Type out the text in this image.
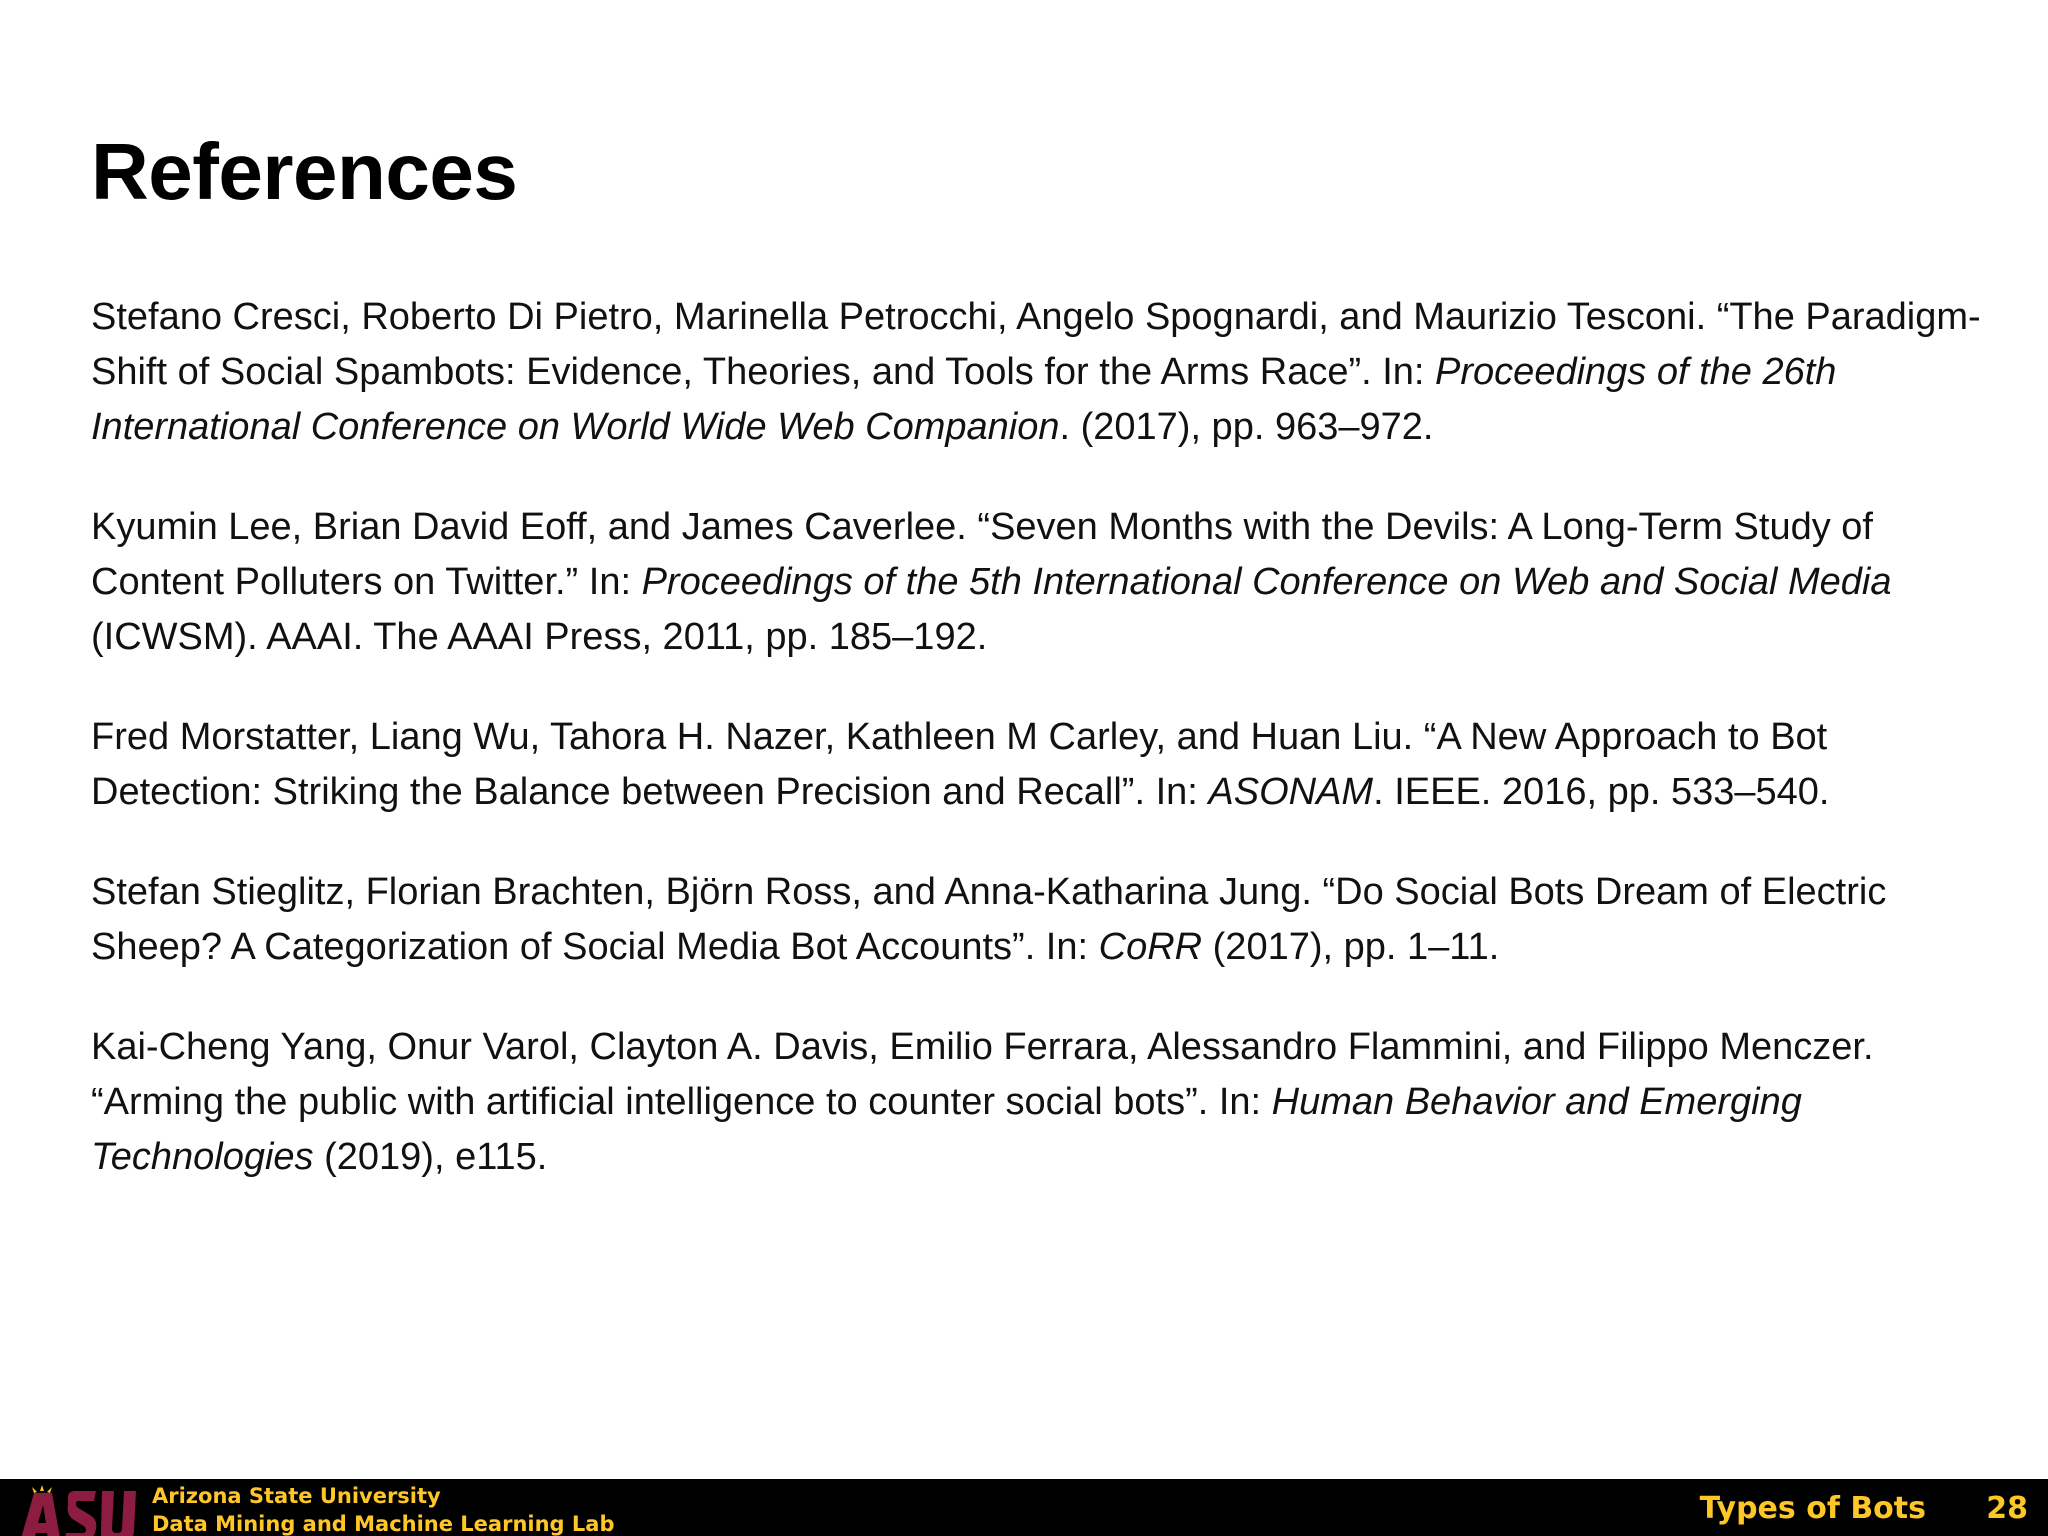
References
Stefano Cresci, Roberto Di Pietro, Marinella Petrocchi, Angelo Spognardi, and Maurizio Tesconi. “The Paradigm-Shift of Social Spambots: Evidence, Theories, and Tools for the Arms Race”. In: Proceedings of the 26th International Conference on World Wide Web Companion. (2017), pp. 963–972.
Kyumin Lee, Brian David Eoff, and James Caverlee. “Seven Months with the Devils: A Long-Term Study of Content Polluters on Twitter.” In: Proceedings of the 5th International Conference on Web and Social Media (ICWSM). AAAI. The AAAI Press, 2011, pp. 185–192.
Fred Morstatter, Liang Wu, Tahora H. Nazer, Kathleen M Carley, and Huan Liu. “A New Approach to Bot Detection: Striking the Balance between Precision and Recall”. In: ASONAM. IEEE. 2016, pp. 533–540.
Stefan Stieglitz, Florian Brachten, Björn Ross, and Anna-Katharina Jung. “Do Social Bots Dream of Electric Sheep? A Categorization of Social Media Bot Accounts”. In: CoRR (2017), pp. 1–11.
Kai-Cheng Yang, Onur Varol, Clayton A. Davis, Emilio Ferrara, Alessandro Flammini, and Filippo Menczer. “Arming the public with artificial intelligence to counter social bots”. In: Human Behavior and Emerging Technologies (2019), e115.
Arizona State University
Data Mining and Machine Learning Lab	Types of Bots 28
